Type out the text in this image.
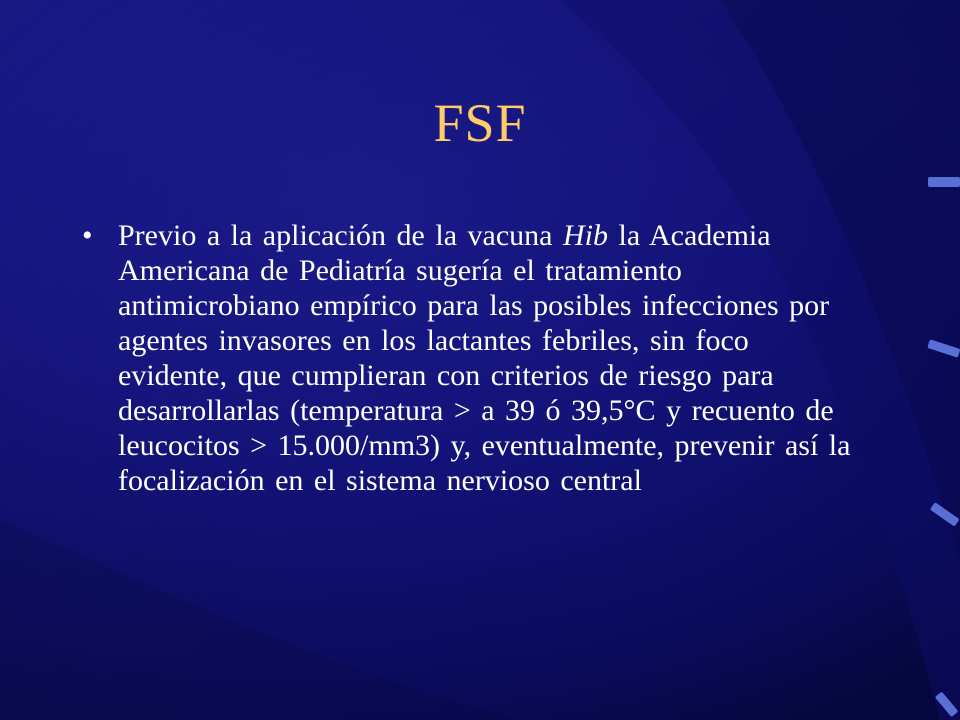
FSF
• Previo a la aplicación de la vacuna Hib la Academia Americana de Pediatría sugería el tratamiento antimicrobiano empírico para las posibles infecciones por agentes invasores en los lactantes febriles, sin foco evidente, que cumplieran con criterios de riesgo para desarrollarlas (temperatura > a 39 ó 39,5°C y recuento de leucocitos > 15.000/mm3) y, eventualmente, prevenir así la focalización en el sistema nervioso central
